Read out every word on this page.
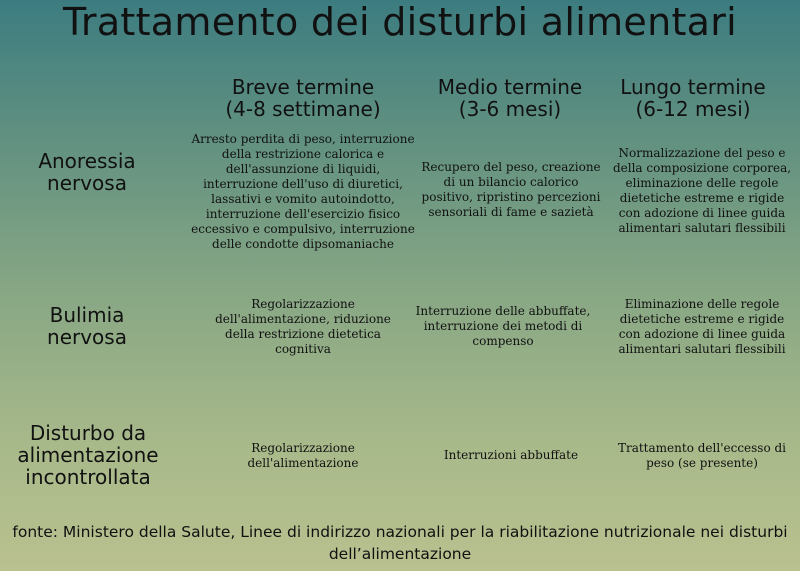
Trattamento dei disturbi alimentari
Breve termine
(4-8 settimane)
Medio termine
(3-6 mesi)
Lungo termine
(6-12 mesi)
Anoressia
nervosa
Arresto perdita di peso, interruzione della restrizione calorica e dell'assunzione di liquidi, interruzione dell'uso di diuretici, lassativi e vomito autoindotto, interruzione dell'esercizio fisico eccessivo e compulsivo, interruzione delle condotte dipsomaniache
Recupero del peso, creazione di un bilancio calorico positivo, ripristino percezioni sensoriali di fame e sazietà
Normalizzazione del peso e della composizione corporea, eliminazione delle regole dietetiche estreme e rigide con adozione di linee guida alimentari salutari flessibili
Bulimia
nervosa
Regolarizzazione dell'alimentazione, riduzione della restrizione dietetica cognitiva
Interruzione delle abbuffate, interruzione dei metodi di compenso
Eliminazione delle regole dietetiche estreme e rigide con adozione di linee guida alimentari salutari flessibili
Disturbo da
alimentazione
incontrollata
Regolarizzazione dell'alimentazione
Interruzioni abbuffate	Trattamento dell'eccesso di peso (se presente)
fonte: Ministero della Salute, Linee di indirizzo nazionali per la riabilitazione nutrizionale nei disturbi dell’alimentazione
